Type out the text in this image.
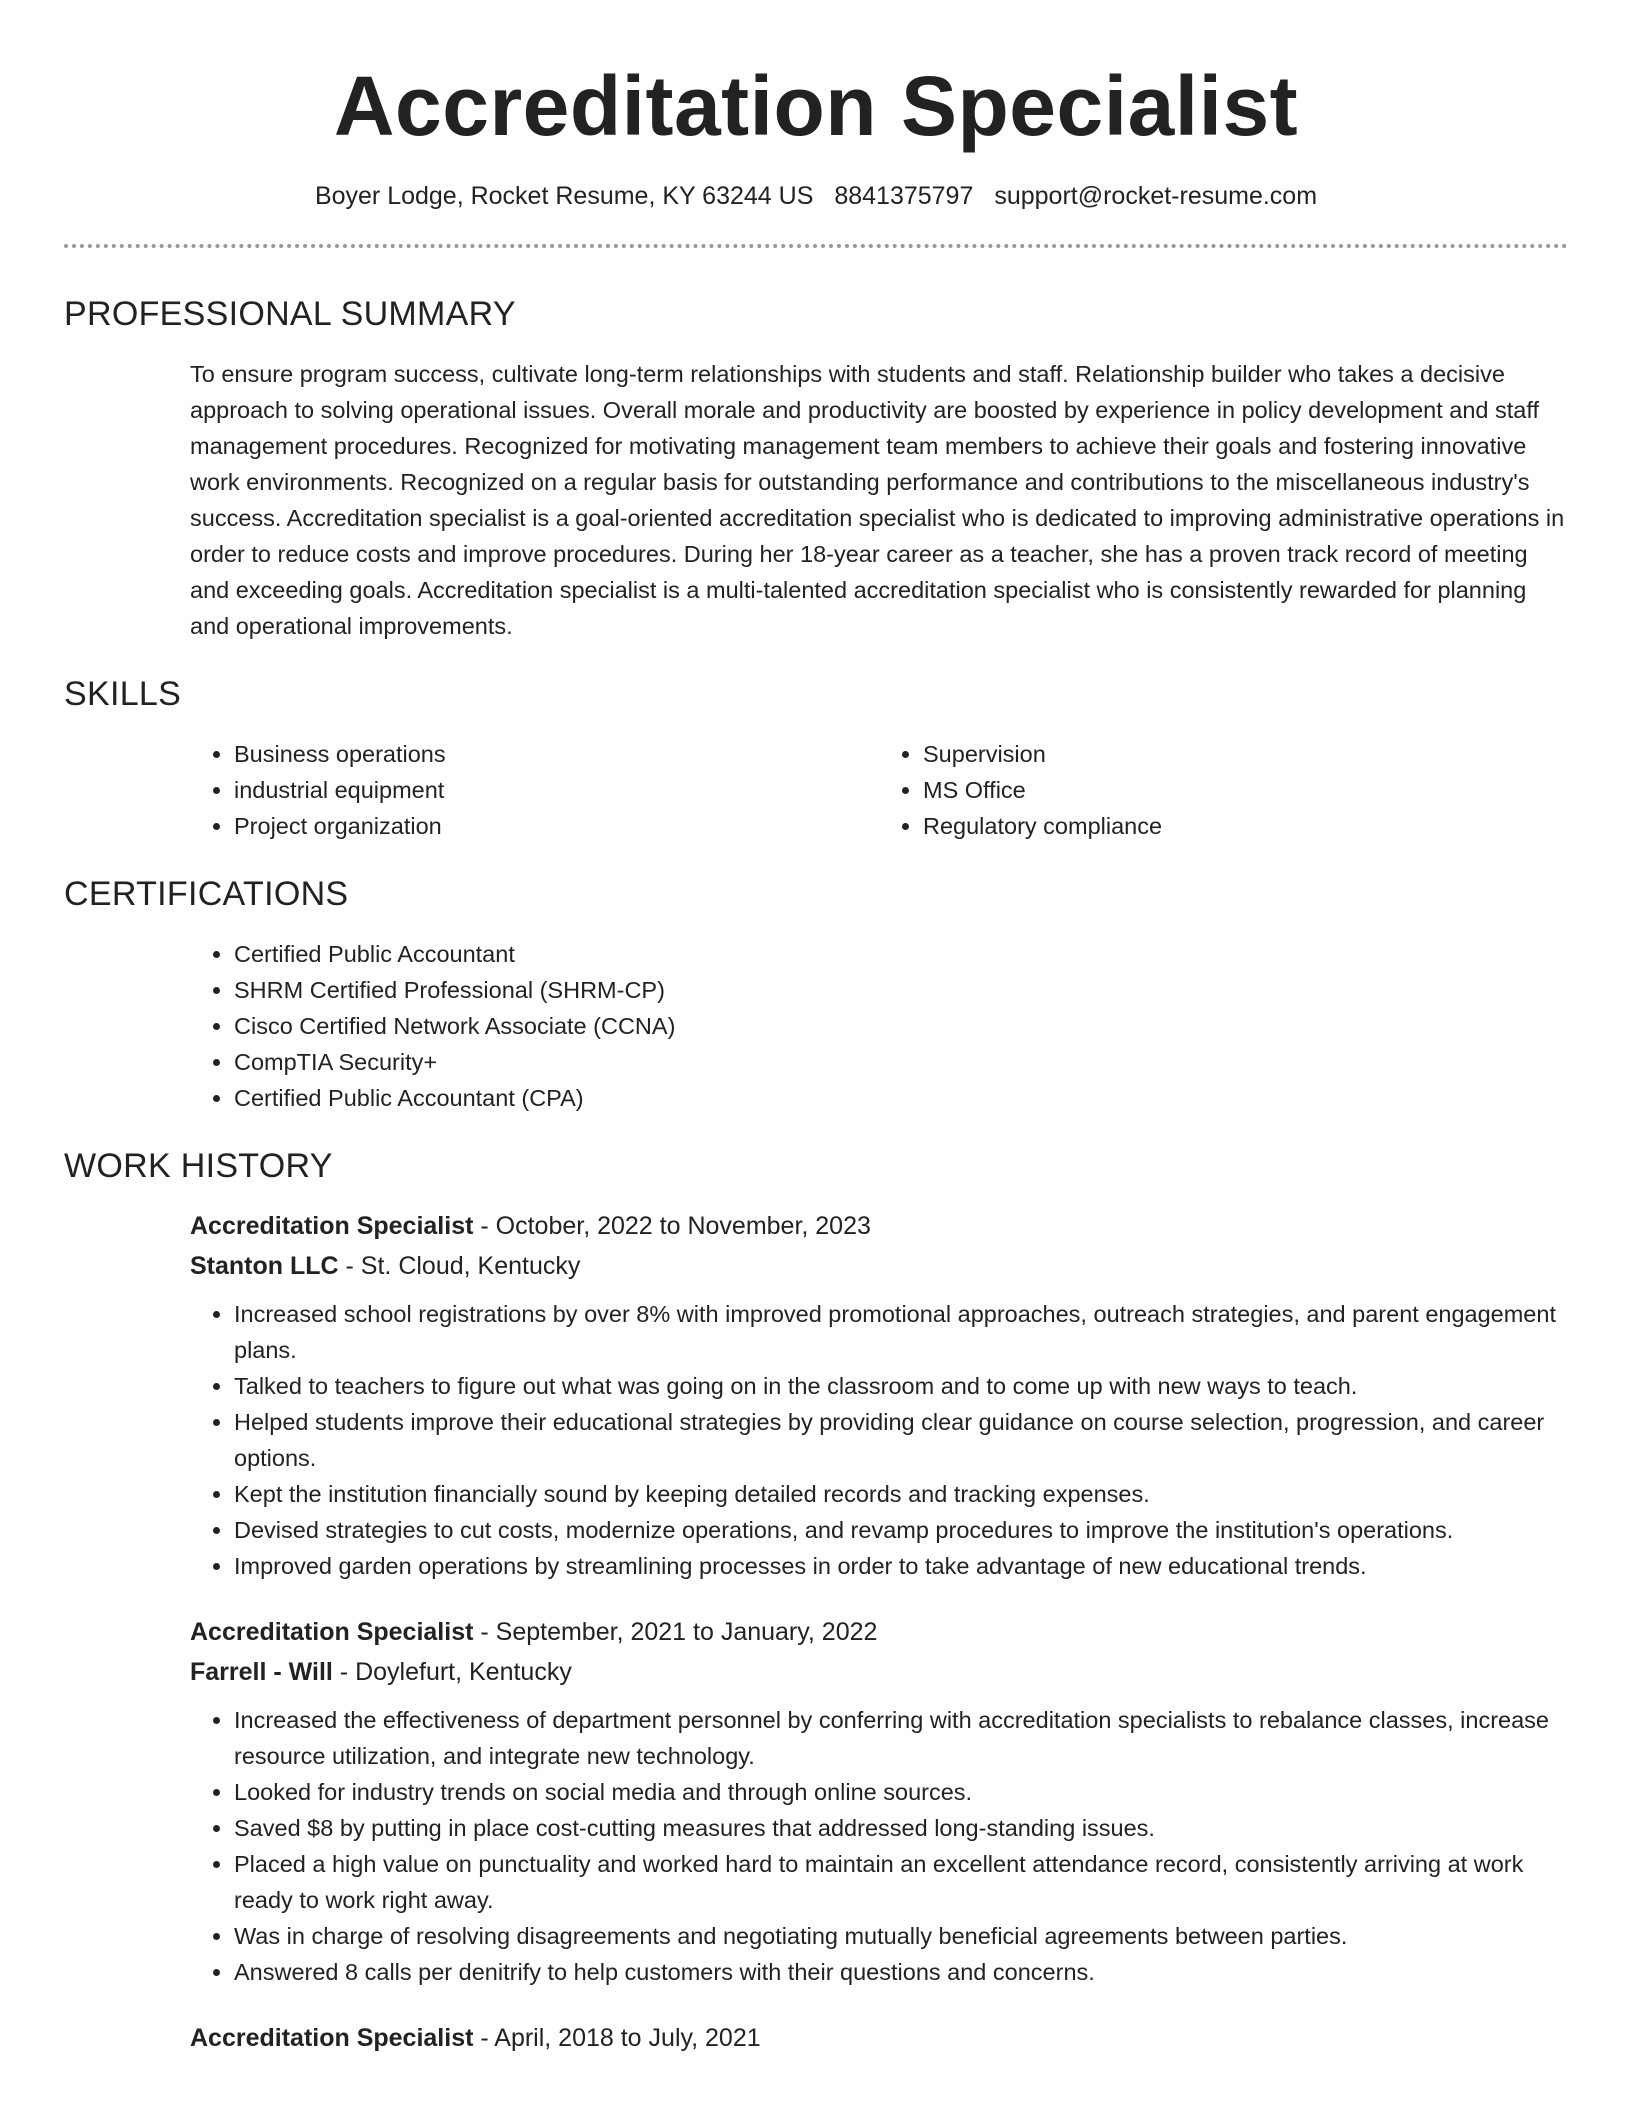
Accreditation Specialist
Boyer Lodge, Rocket Resume, KY 63244 US 8841375797 support@rocket-resume.com
PROFESSIONAL SUMMARY

To ensure program success, cultivate long-term relationships with students and staff. Relationship builder who takes a decisive approach to solving operational issues. Overall morale and productivity are boosted by experience in policy development and staff management procedures. Recognized for motivating management team members to achieve their goals and fostering innovative work environments. Recognized on a regular basis for outstanding performance and contributions to the miscellaneous industry's success. Accreditation specialist is a goal-oriented accreditation specialist who is dedicated to improving administrative operations in order to reduce costs and improve procedures. During her 18-year career as a teacher, she has a proven track record of meeting and exceeding goals. Accreditation specialist is a multi-talented accreditation specialist who is consistently rewarded for planning and operational improvements.

SKILLS
• Business operations
• industrial equipment
• Project organization
• Supervision
• MS Office
• Regulatory compliance
CERTIFICATIONS
• Certified Public Accountant
• SHRM Certified Professional (SHRM-CP)
• Cisco Certified Network Associate (CCNA)
• CompTIA Security+
• Certified Public Accountant (CPA)
WORK HISTORY
Accreditation Specialist - October, 2022 to November, 2023
Stanton LLC - St. Cloud, Kentucky
• Increased school registrations by over 8% with improved promotional approaches, outreach strategies, and parent engagement plans.
• Talked to teachers to figure out what was going on in the classroom and to come up with new ways to teach.
• Helped students improve their educational strategies by providing clear guidance on course selection, progression, and career options.
• Kept the institution financially sound by keeping detailed records and tracking expenses.
• Devised strategies to cut costs, modernize operations, and revamp procedures to improve the institution's operations.
• Improved garden operations by streamlining processes in order to take advantage of new educational trends.
Accreditation Specialist - September, 2021 to January, 2022
Farrell - Will - Doylefurt, Kentucky
• Increased the effectiveness of department personnel by conferring with accreditation specialists to rebalance classes, increase resource utilization, and integrate new technology.
• Looked for industry trends on social media and through online sources.
• Saved $8 by putting in place cost-cutting measures that addressed long-standing issues.
• Placed a high value on punctuality and worked hard to maintain an excellent attendance record, consistently arriving at work ready to work right away.
• Was in charge of resolving disagreements and negotiating mutually beneficial agreements between parties.
• Answered 8 calls per denitrify to help customers with their questions and concerns.
Accreditation Specialist - April, 2018 to July, 2021
